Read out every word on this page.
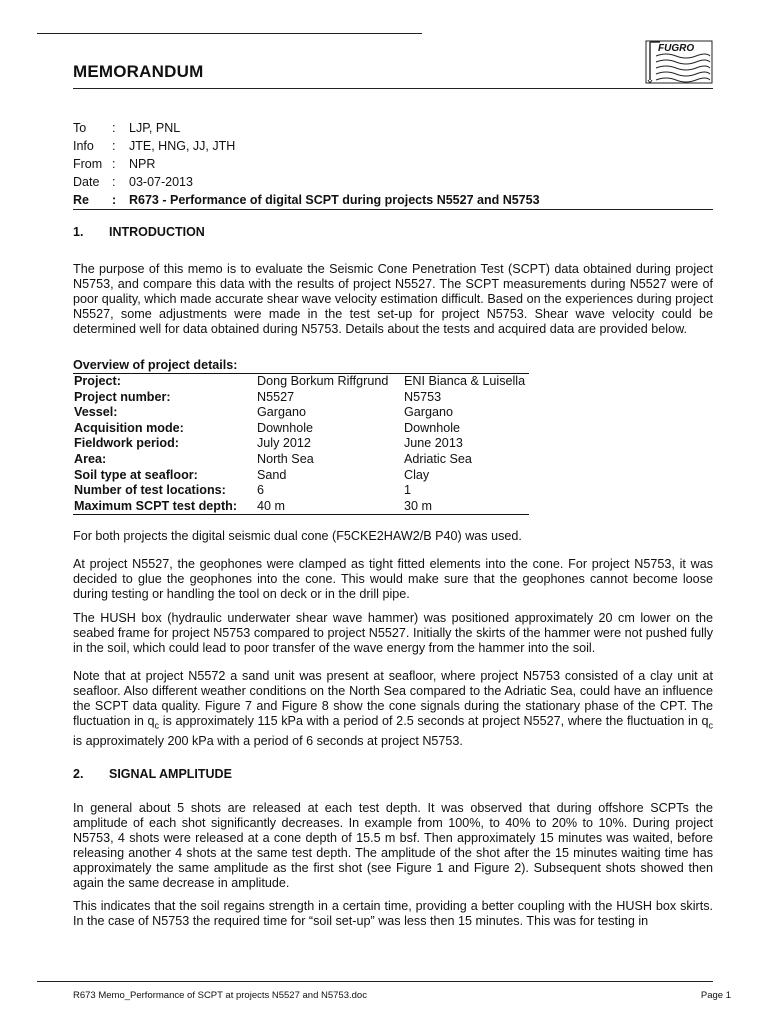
FUGRO
MEMORANDUM
To	: LJP, PNL
Info	: JTE, HNG, JJ, JTH
From : NPR
Date	: 03-07-2013
Re	: R673 - Performance of digital SCPT during projects N5527 and N5753
1. INTRODUCTION
The purpose of this memo is to evaluate the Seismic Cone Penetration Test (SCPT) data obtained during project N5753, and compare this data with the results of project N5527. The SCPT measurements during N5527 were of poor quality, which made accurate shear wave velocity estimation difficult. Based on the experiences during project N5527, some adjustments were made in the test set-up for project N5753. Shear wave velocity could be determined well for data obtained during N5753. Details about the tests and acquired data are provided below.
Overview of project details:
Project:	Dong Borkum Riffgrund	ENI Bianca & Luisella
Project number:	N5527	N5753
Vessel:	Gargano	Gargano
Acquisition mode:	Downhole	Downhole
Fieldwork period:	July 2012	June 2013
Area:	North Sea	Adriatic Sea
Soil type at seafloor:	Sand	Clay
Number of test locations:	6	1
Maximum SCPT test depth:	40 m	30 m
For both projects the digital seismic dual cone (F5CKE2HAW2/B P40) was used.
At project N5527, the geophones were clamped as tight fitted elements into the cone. For project N5753, it was decided to glue the geophones into the cone. This would make sure that the geophones cannot become loose during testing or handling the tool on deck or in the drill pipe.
The HUSH box (hydraulic underwater shear wave hammer) was positioned approximately 20 cm lower on the seabed frame for project N5753 compared to project N5527. Initially the skirts of the hammer were not pushed fully in the soil, which could lead to poor transfer of the wave energy from the hammer into the soil.
Note that at project N5572 a sand unit was present at seafloor, where project N5753 consisted of a clay unit at seafloor. Also different weather conditions on the North Sea compared to the Adriatic Sea, could have an influence the SCPT data quality. Figure 7 and Figure 8 show the cone signals during the stationary phase of the CPT. The fluctuation in $q_c$ is approximately 115 kPa with a period of 2.5 seconds at project N5527, where the fluctuation in $q_c$ is approximately 200 kPa with a period of 6 seconds at project N5753.
2. SIGNAL AMPLITUDE
In general about 5 shots are released at each test depth. It was observed that during offshore SCPTs the amplitude of each shot significantly decreases. In example from 100%, to 40% to 20% to 10%. During project N5753, 4 shots were released at a cone depth of 15.5 m bsf. Then approximately 15 minutes was waited, before releasing another 4 shots at the same test depth. The amplitude of the shot after the 15 minutes waiting time has approximately the same amplitude as the first shot (see Figure 1 and Figure 2). Subsequent shots showed then again the same decrease in amplitude.
This indicates that the soil regains strength in a certain time, providing a better coupling with the HUSH box skirts. In the case of N5753 the required time for “soil set-up” was less then 15 minutes. This was for testing in
R673 Memo_Performance of SCPT at projects N5527 and N5753.doc	Page 1
